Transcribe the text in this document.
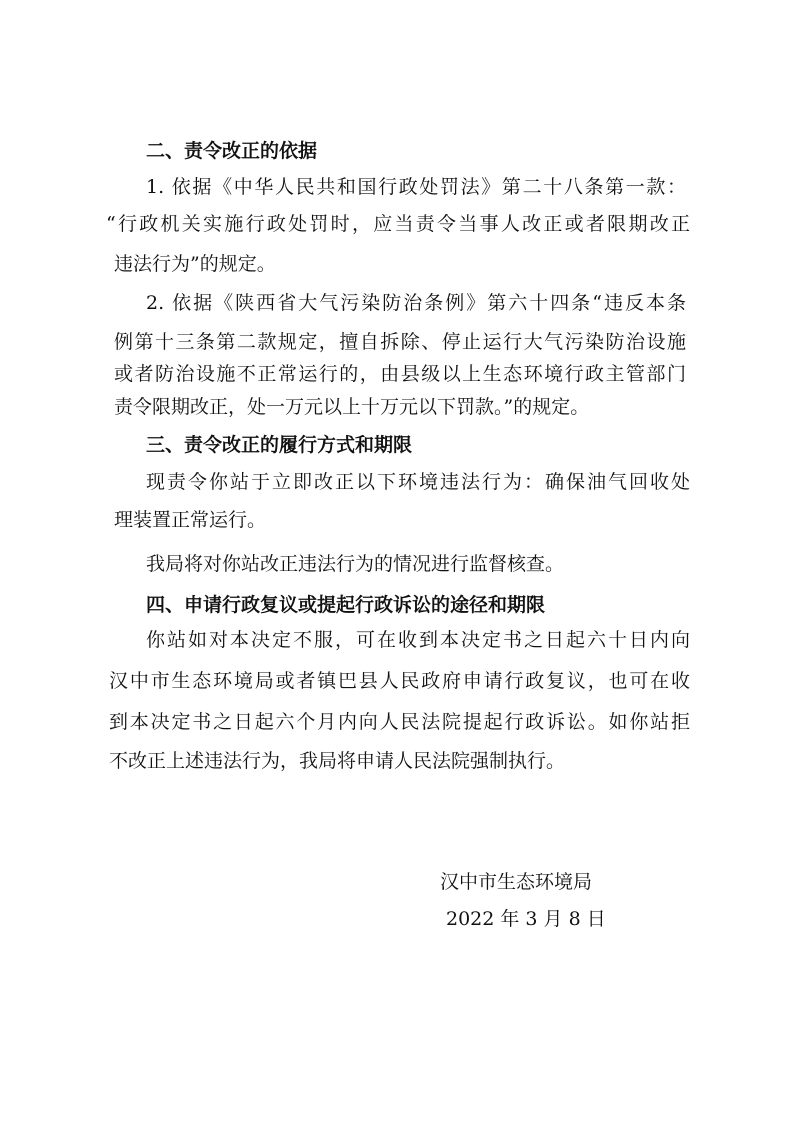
二、责令改正的依据
1. 依据《中华人民共和国行政处罚法》第二十八条第一款：
“行政机关实施行政处罚时，应当责令当事人改正或者限期改正
违法行为”的规定。
2. 依据《陕西省大气污染防治条例》第六十四条“违反本条
例第十三条第二款规定，擅自拆除、停止运行大气污染防治设施
或者防治设施不正常运行的，由县级以上生态环境行政主管部门
责令限期改正，处一万元以上十万元以下罚款。”的规定。
三、责令改正的履行方式和期限
现责令你站于立即改正以下环境违法行为：确保油气回收处
理装置正常运行。
我局将对你站改正违法行为的情况进行监督核查。
四、申请行政复议或提起行政诉讼的途径和期限
你站如对本决定不服，可在收到本决定书之日起六十日内向
汉中市生态环境局或者镇巴县人民政府申请行政复议，也可在收
到本决定书之日起六个月内向人民法院提起行政诉讼。如你站拒
不改正上述违法行为，我局将申请人民法院强制执行。
汉中市生态环境局
2022 年 3 月 8 日
